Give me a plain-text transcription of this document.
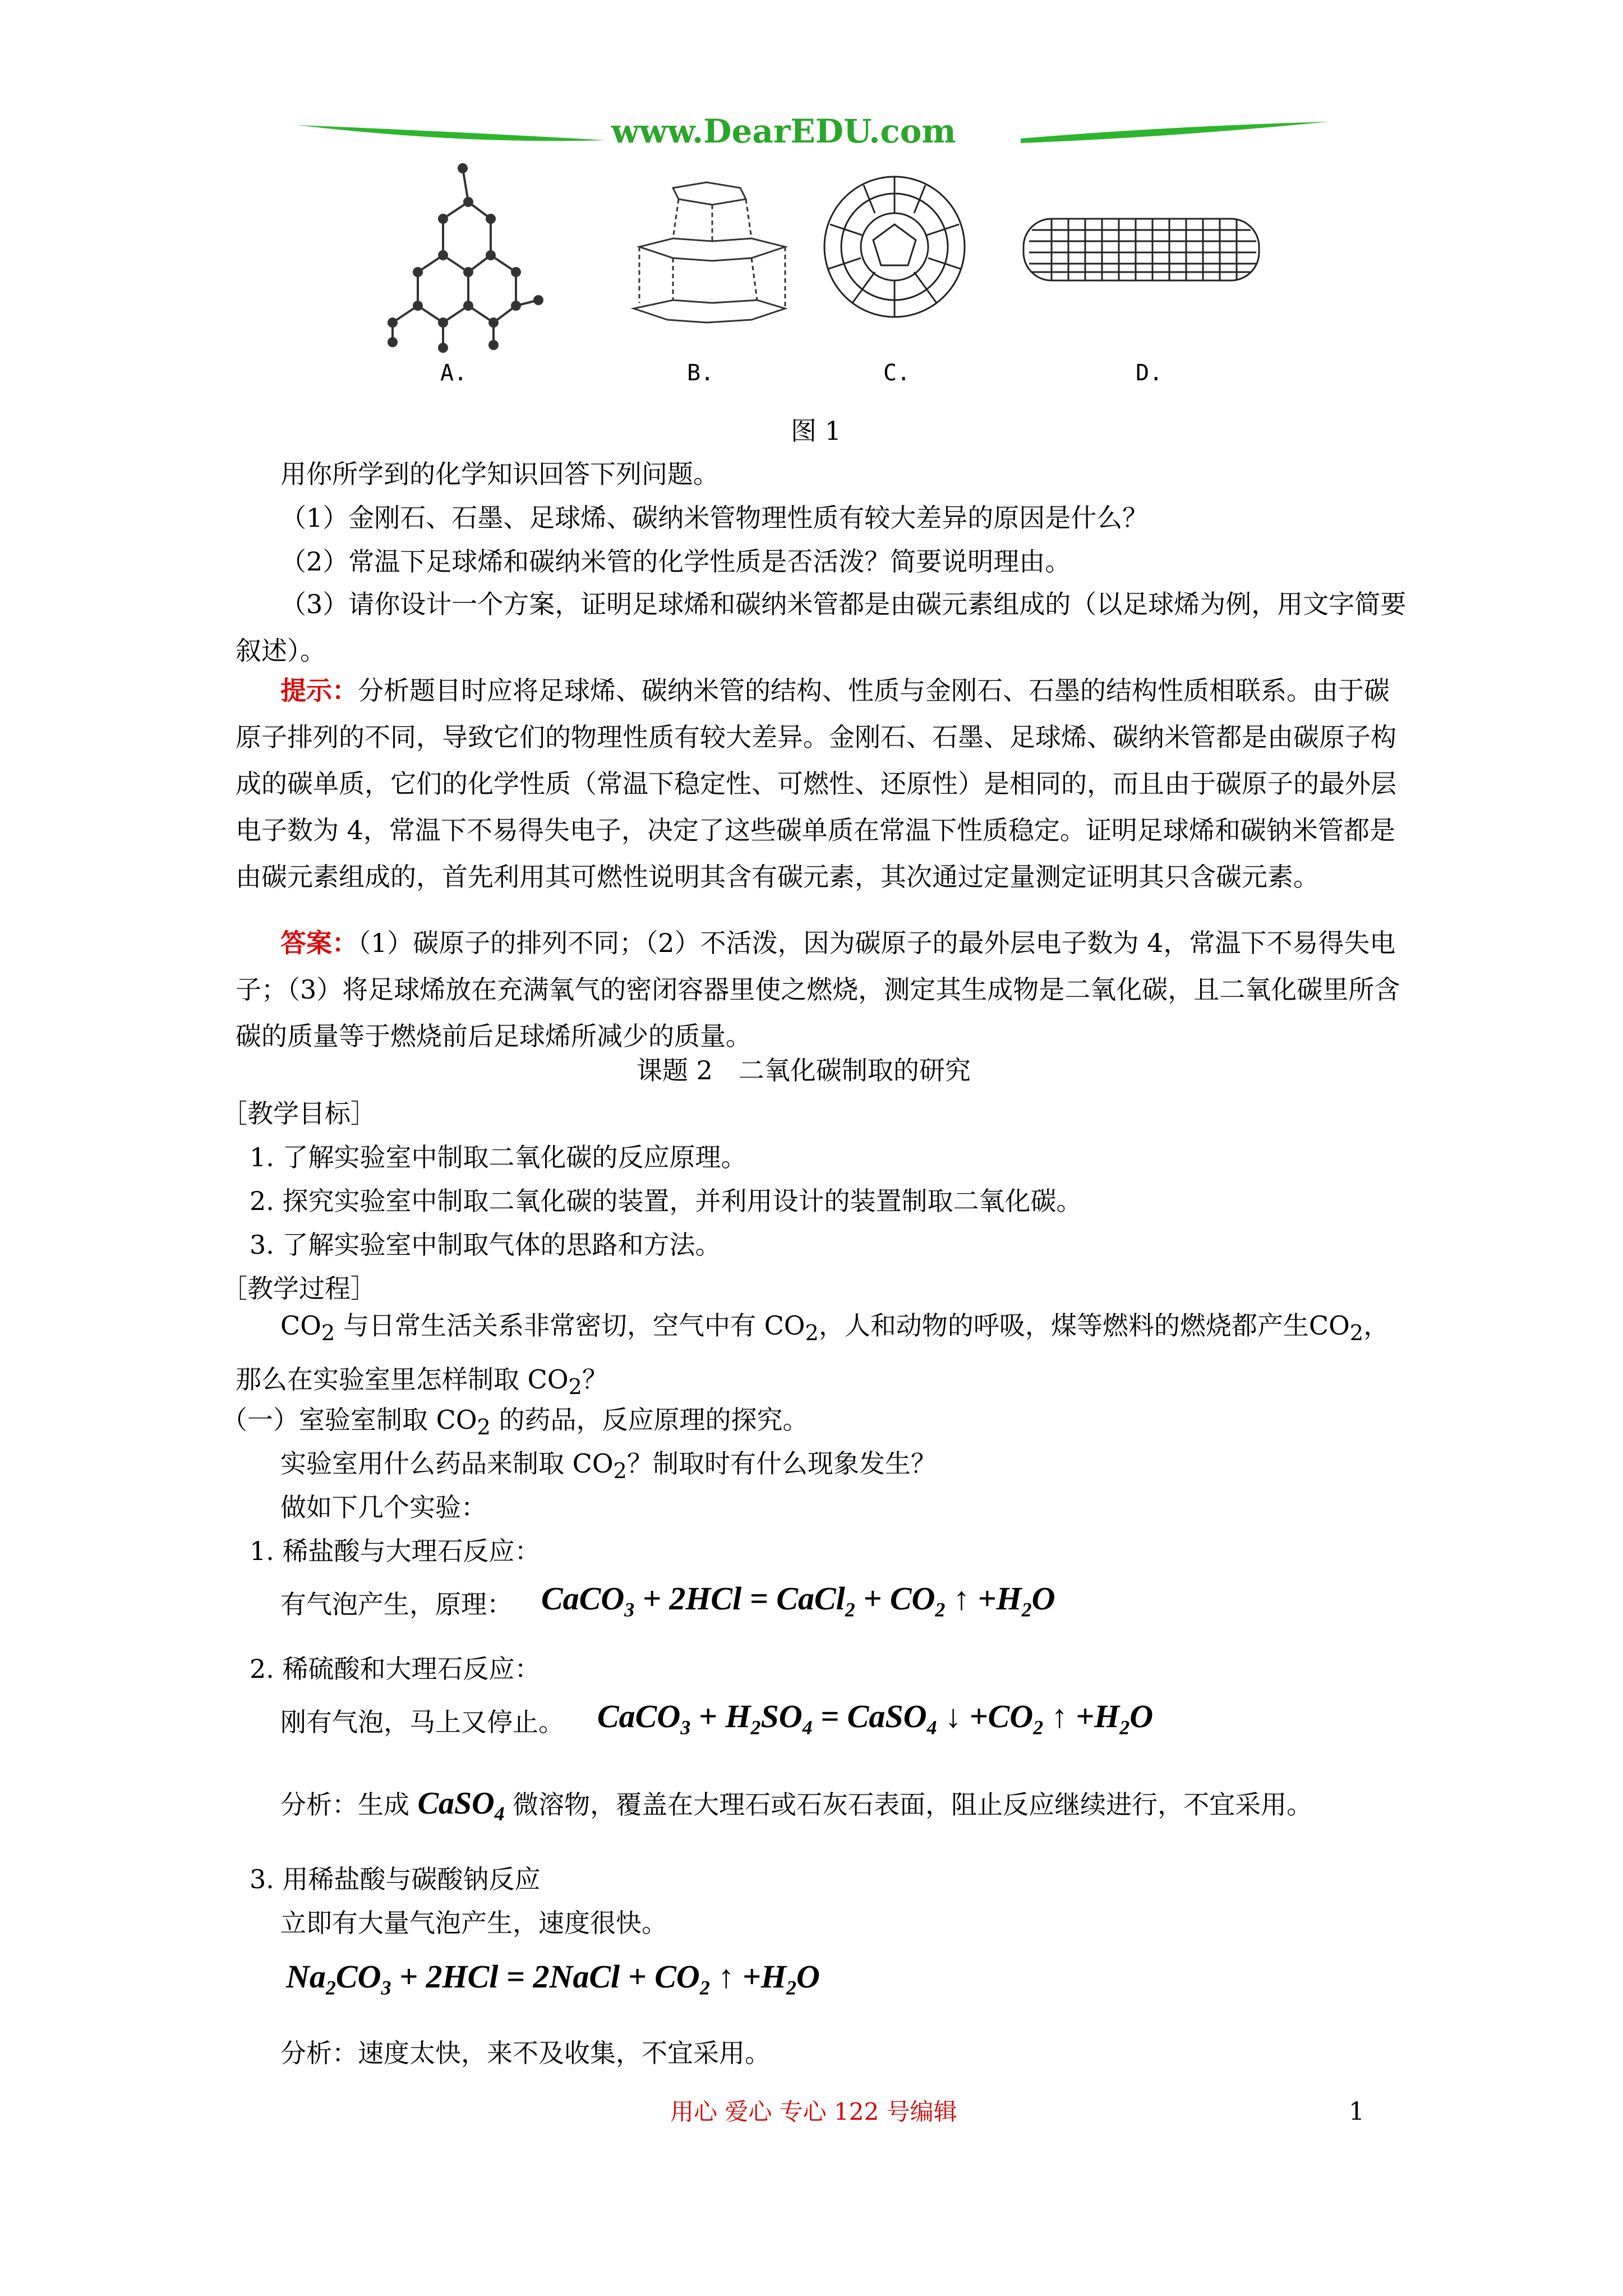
www.DearEDU.com
A.	B.	C.	D.
图 1
用你所学到的化学知识回答下列问题。
（1）金刚石、石墨、足球烯、碳纳米管物理性质有较大差异的原因是什么？
（2）常温下足球烯和碳纳米管的化学性质是否活泼？简要说明理由。
（3）请你设计一个方案，证明足球烯和碳纳米管都是由碳元素组成的（以足球烯为例，用文字简要叙述）。
提示：分析题目时应将足球烯、碳纳米管的结构、性质与金刚石、石墨的结构性质相联系。由于碳原子排列的不同，导致它们的物理性质有较大差异。金刚石、石墨、足球烯、碳纳米管都是由碳原子构成的碳单质，它们的化学性质（常温下稳定性、可燃性、还原性）是相同的，而且由于碳原子的最外层电子数为 4，常温下不易得失电子，决定了这些碳单质在常温下性质稳定。证明足球烯和碳钠米管都是由碳元素组成的，首先利用其可燃性说明其含有碳元素，其次通过定量测定证明其只含碳元素。
答案：（1）碳原子的排列不同；（2）不活泼，因为碳原子的最外层电子数为 4，常温下不易得失电子；（3）将足球烯放在充满氧气的密闭容器里使之燃烧，测定其生成物是二氧化碳，且二氧化碳里所含碳的质量等于燃烧前后足球烯所减少的质量。
课题 2　二氧化碳制取的研究
［教学目标］
1. 了解实验室中制取二氧化碳的反应原理。
2. 探究实验室中制取二氧化碳的装置，并利用设计的装置制取二氧化碳。
3. 了解实验室中制取气体的思路和方法。
［教学过程］
$CO_2$ 与日常生活关系非常密切，空气中有 $CO_2$，人和动物的呼吸，煤等燃料的燃烧都产生$CO_2$，那么在实验室里怎样制取 $CO_2$？
（一）室验室制取 $CO_2$ 的药品，反应原理的探究。
实验室用什么药品来制取 $CO_2$？制取时有什么现象发生？
做如下几个实验：
1. 稀盐酸与大理石反应：
有气泡产生，原理： CaCO$_3$ + 2HCl = CaCl$_2$ + $CO_2$ ↑ $+H_2O$
2. 稀硫酸和大理石反应：
刚有气泡，马上又停止。 CaCO$_3$ + $H_2SO_4$ = CaSO$_4$ ↓ $+CO_2$ ↑ $+H_2O$
分析：生成 CaSO$_4$ 微溶物，覆盖在大理石或石灰石表面，阻止反应继续进行，不宜采用。
3. 用稀盐酸与碳酸钠反应
立即有大量气泡产生，速度很快。
$Na_2CO_3 + 2HCl$ = 2NaCl + $CO_2$ ↑ $+H_2O$
分析：速度太快，来不及收集，不宜采用。
用心 爱心 专心 122 号编辑	1
